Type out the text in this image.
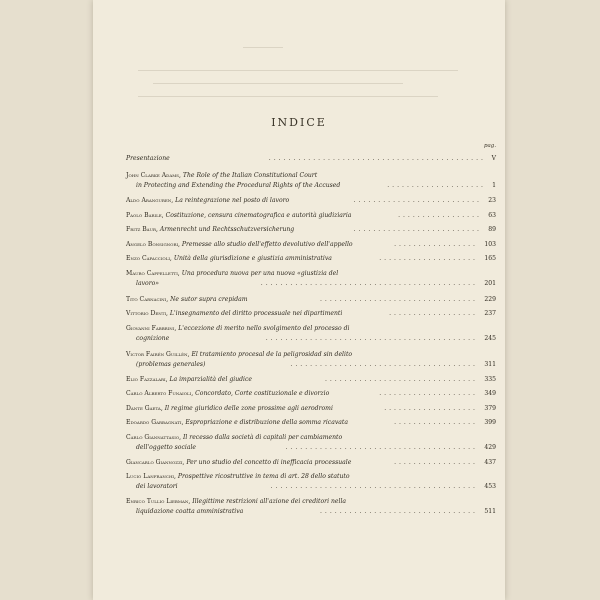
INDICE
pag.
Presentazione	V
............................................
John Clarke Adams, The Role of the Italian Constitutional Court
in Protecting and Extending the Procedural Rights of the Accused	1
....................
Aldo Aranguren, La reintegrazione nel posto di lavoro	23
..........................
Paolo Barile, Costituzione, censura cinematografica e autorità giudiziaria	63
.................
Fritz Baur, Armenrecht und Rechtsschutzversicherung	89
..........................
Angelo Bonsignori, Premesse allo studio dell'effetto devolutivo dell'appello	103
.................
Enzo Capaccioli, Unità della giurisdizione e giustizia amministrativa	165
....................
Mauro Cappelletti, Una procedura nuova per una nuova «giustizia del
lavoro»	201
............................................
Tito Carnacini, Ne sutor supra crepidam	229
................................
Vittorio Denti, L'insegnamento del diritto processuale nei dipartimenti	237
..................
Giovanni Fabbrini, L'eccezione di merito nello svolgimento del processo di
cognizione	245
...........................................
Victor Fairén Guillén, El tratamiento procesal de la peligrosidad sin delito
(problemas generales)	311
......................................
Elio Fazzalari, La imparzialità del giudice	335
...............................
Carlo Alberto Funaioli, Concordato, Corte costituzionale e divorzio	349
....................
Dante Gaeta, Il regime giuridico delle zone prossime agli aerodromi	379
...................
Edoardo Garbagnati, Espropriazione e distribuzione della somma ricavata	399
.................
Carlo Giannattasio, Il recesso dalla società di capitali per cambiamento
dell'oggetto sociale	429
.......................................
Giancarlo Giannozzi, Per uno studio del concetto di inefficacia processuale	437
.................
Lucio Lanfranchi, Prospettive ricostruttive in tema di art. 28 dello statuto
dei lavoratori	453
..........................................
Enrico Tullio Liebman, Illegittime restrizioni all'azione dei creditori nella
liquidazione coatta amministrativa	511
................................
